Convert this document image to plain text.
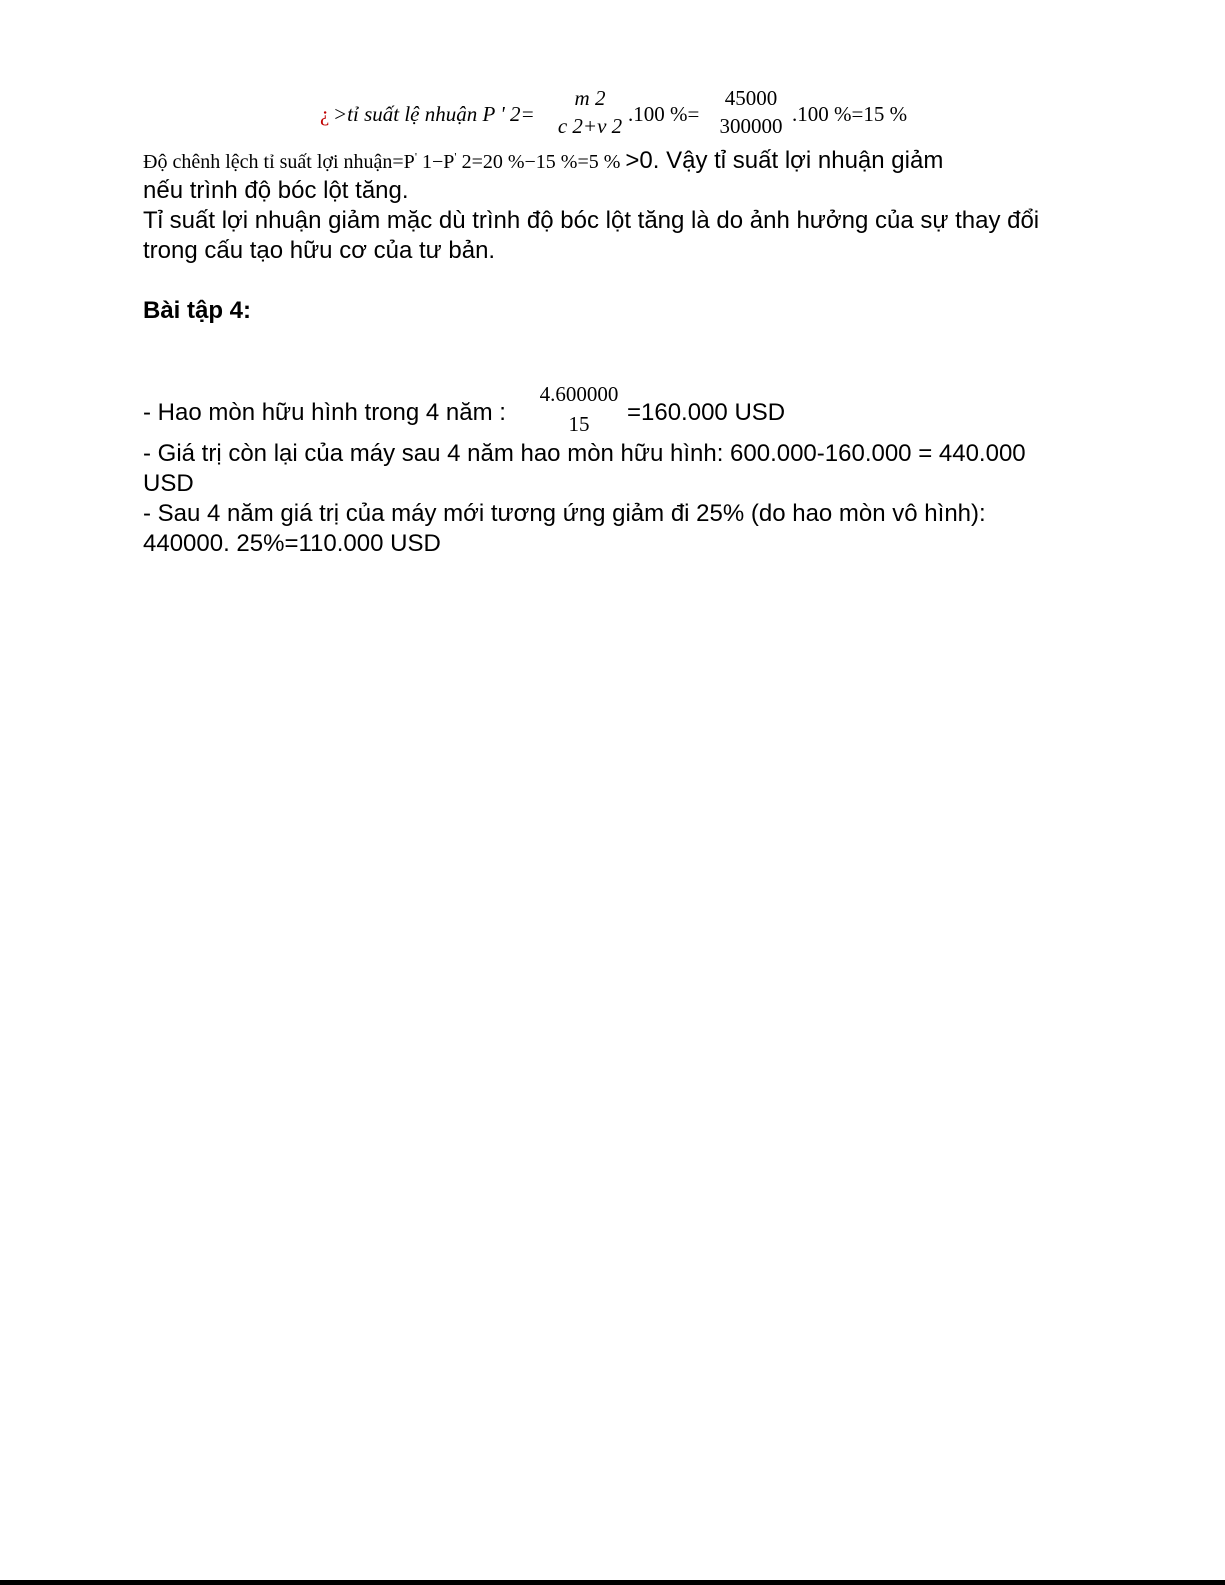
¿ >tỉ suất lệ nhuận P ' 2=
m 2
c 2+v 2 .100 %=
45000
300000 .100 %=15 %
Độ chênh lệch tỉ suất lợi nhuận=P' 1−P' 2=20 %−15 %=5 % >0. Vậy tỉ suất lợi nhuận giảm
nếu trình độ bóc lột tăng.
Tỉ suất lợi nhuận giảm mặc dù trình độ bóc lột tăng là do ảnh hưởng của sự thay đổi
trong cấu tạo hữu cơ của tư bản.
Bài tập 4:
- Hao mòn hữu hình trong 4 năm :
4.600000
15	=160.000 USD
- Giá trị còn lại của máy sau 4 năm hao mòn hữu hình: 600.000-160.000 = 440.000
USD
- Sau 4 năm giá trị của máy mới tương ứng giảm đi 25% (do hao mòn vô hình):
440000. 25%=110.000 USD
